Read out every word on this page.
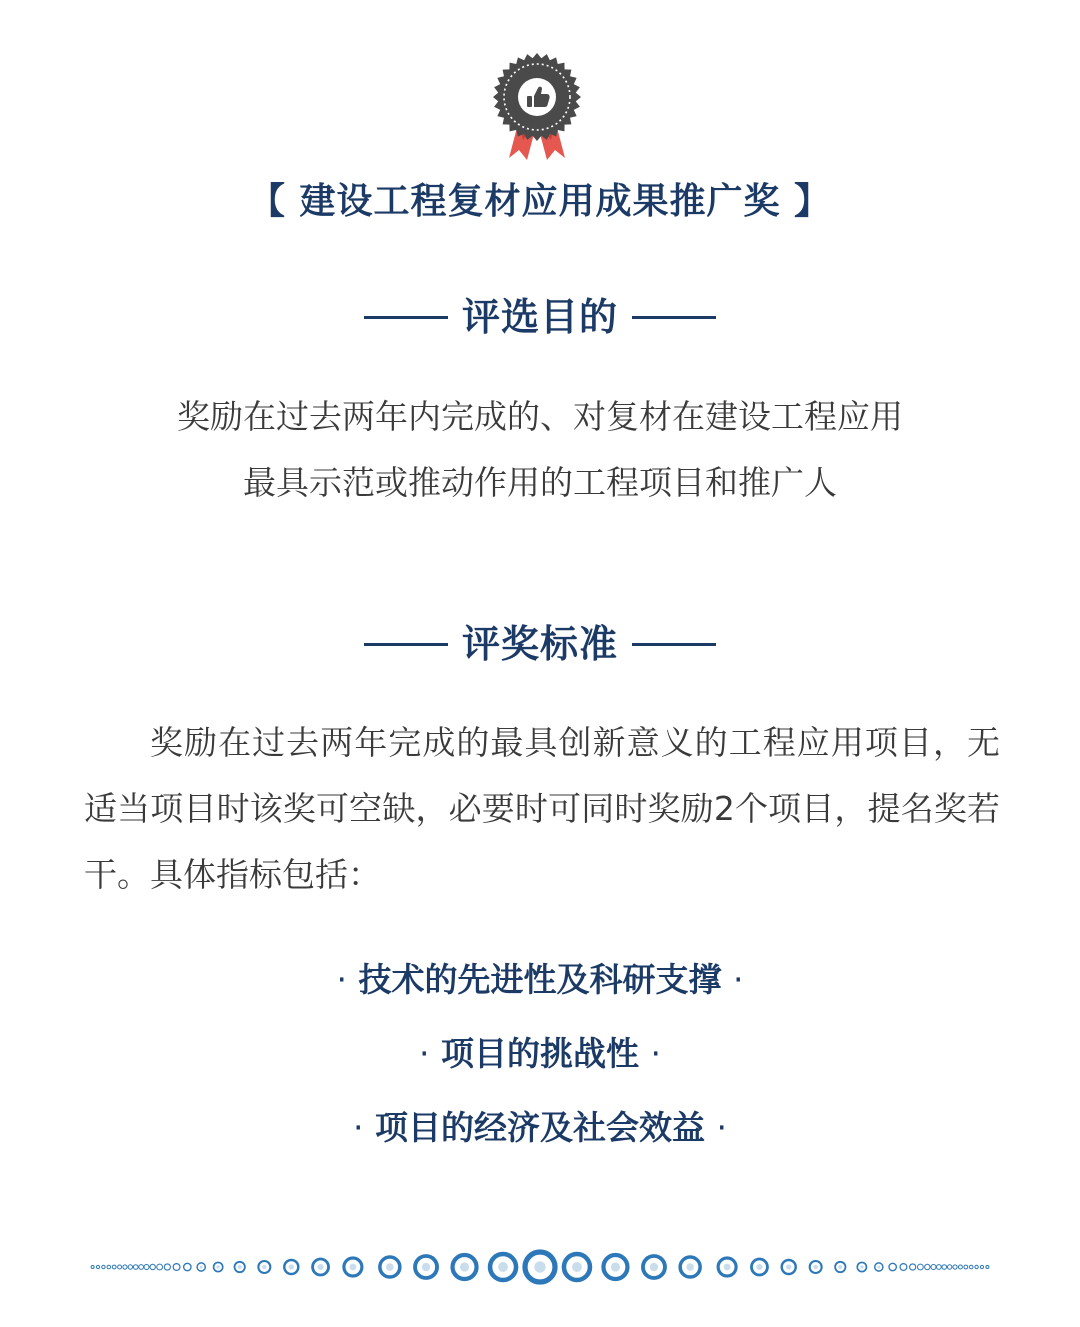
【 建设工程复材应用成果推广奖 】
评选目的
奖励在过去两年内完成的、对复材在建设工程应用
最具示范或推动作用的工程项目和推广人
评奖标准
奖励在过去两年完成的最具创新意义的工程应用项目，无适当项目时该奖可空缺，必要时可同时奖励2个项目，提名奖若干。具体指标包括：
· 技术的先进性及科研支撑 ·
· 项目的挑战性 ·
· 项目的经济及社会效益 ·
